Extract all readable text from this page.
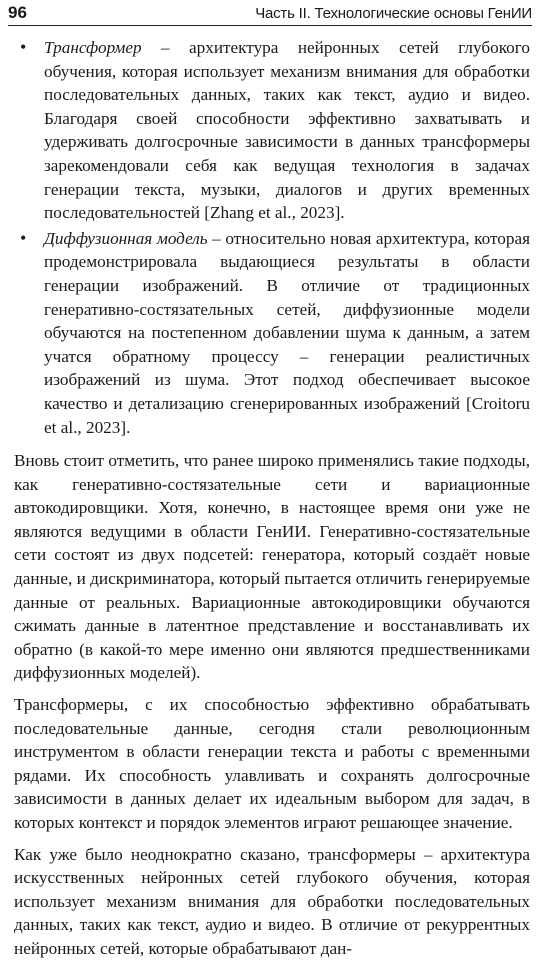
96	Часть II. Технологические основы ГенИИ
• Трансформер – архитектура нейронных сетей глубокого обучения, которая использует механизм внимания для обработки последовательных данных, таких как текст, аудио и видео. Благодаря своей способности эффективно захватывать и удерживать долгосрочные зависимости в данных трансформеры зарекомендовали себя как ведущая технология в задачах генерации текста, музыки, диалогов и других временных последовательностей [Zhang et al., 2023].
• Диффузионная модель – относительно новая архитектура, которая продемонстрировала выдающиеся результаты в области генерации изображений. В отличие от традиционных генеративно-состязательных сетей, диффузионные модели обучаются на постепенном добавлении шума к данным, а затем учатся обратному процессу – генерации реалистичных изображений из шума. Этот подход обеспечивает высокое качество и детализацию сгенерированных изображений [Croitoru et al., 2023].

Вновь стоит отметить, что ранее широко применялись такие подходы, как генеративно-состязательные сети и вариационные автокодировщики. Хотя, конечно, в настоящее время они уже не являются ведущими в области ГенИИ. Генеративно-состязательные сети состоят из двух подсетей: генератора, который создаёт новые данные, и дискриминатора, который пытается отличить генерируемые данные от реальных. Вариационные автокодировщики обучаются сжимать данные в латентное представление и восстанавливать их обратно (в какой-то мере именно они являются предшественниками диффузионных моделей).

Трансформеры, с их способностью эффективно обрабатывать последовательные данные, сегодня стали революционным инструментом в области генерации текста и работы с временными рядами. Их способность улавливать и сохранять долгосрочные зависимости в данных делает их идеальным выбором для задач, в которых контекст и порядок элементов играют решающее значение.

Как уже было неоднократно сказано, трансформеры – архитектура искусственных нейронных сетей глубокого обучения, которая использует механизм внимания для обработки последовательных данных, таких как текст, аудио и видео. В отличие от рекуррентных нейронных сетей, которые обрабатывают дан-
